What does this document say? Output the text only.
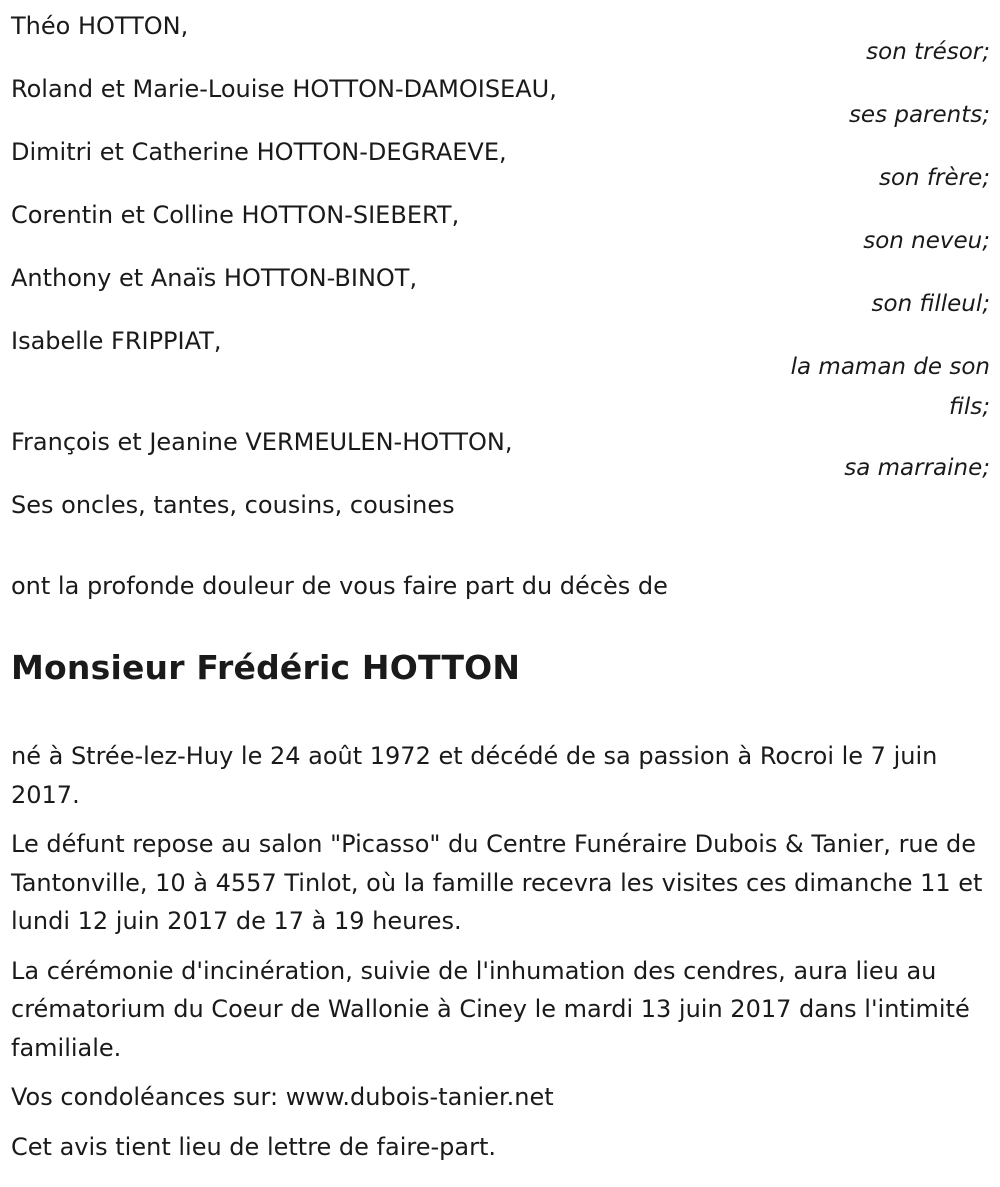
Théo HOTTON,
son trésor;
Roland et Marie-Louise HOTTON-DAMOISEAU,
ses parents;
Dimitri et Catherine HOTTON-DEGRAEVE,
son frère;
Corentin et Colline HOTTON-SIEBERT,
son neveu;
Anthony et Anaïs HOTTON-BINOT,
son filleul;
Isabelle FRIPPIAT,
la maman de son fils;
François et Jeanine VERMEULEN-HOTTON,
sa marraine;
Ses oncles, tantes, cousins, cousines

ont la profonde douleur de vous faire part du décès de

Monsieur Frédéric HOTTON

né à Strée-lez-Huy le 24 août 1972 et décédé de sa passion à Rocroi le 7 juin 2017.

Le défunt repose au salon "Picasso" du Centre Funéraire Dubois & Tanier, rue de Tantonville, 10 à 4557 Tinlot, où la famille recevra les visites ces dimanche 11 et lundi 12 juin 2017 de 17 à 19 heures.

La cérémonie d'incinération, suivie de l'inhumation des cendres, aura lieu au crématorium du Coeur de Wallonie à Ciney le mardi 13 juin 2017 dans l'intimité familiale.

Vos condoléances sur: www.dubois-tanier.net

Cet avis tient lieu de lettre de faire-part.
